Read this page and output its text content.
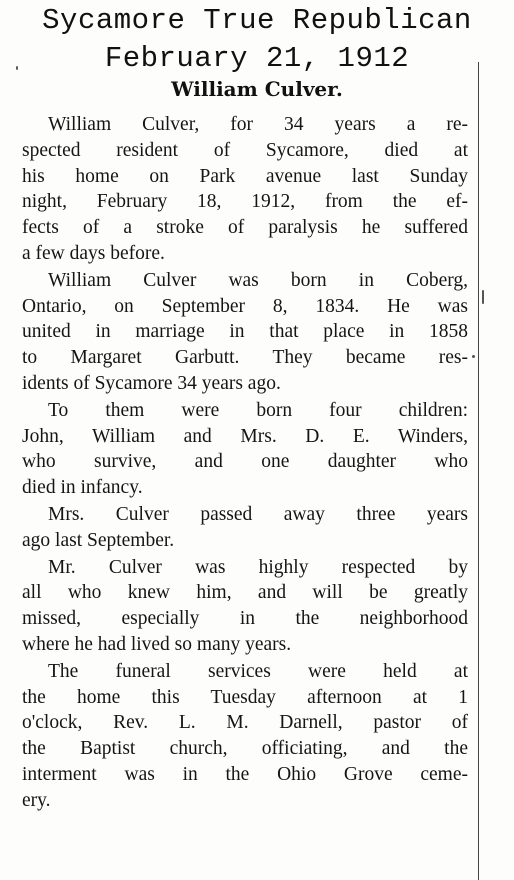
Sycamore True Republican
February 21, 1912
William Culver.
William Culver, for 34 years a re-
spected resident of Sycamore, died at
his home on Park avenue last Sunday
night, February 18, 1912, from the ef-
fects of a stroke of paralysis he suffered
a few days before.
William Culver was born in Coberg,
Ontario, on September 8, 1834. He was
united in marriage in that place in 1858
to Margaret Garbutt. They became res-
idents of Sycamore 34 years ago.
To them were born four children:
John, William and Mrs. D. E. Winders,
who survive, and one daughter who
died in infancy.
Mrs. Culver passed away three years
ago last September.
Mr. Culver was highly respected by
all who knew him, and will be greatly
missed, especially in the neighborhood
where he had lived so many years.
The funeral services were held at
the home this Tuesday afternoon at 1
o'clock, Rev. L. M. Darnell, pastor of
the Baptist church, officiating, and the
interment was in the Ohio Grove ceme-
ery.
